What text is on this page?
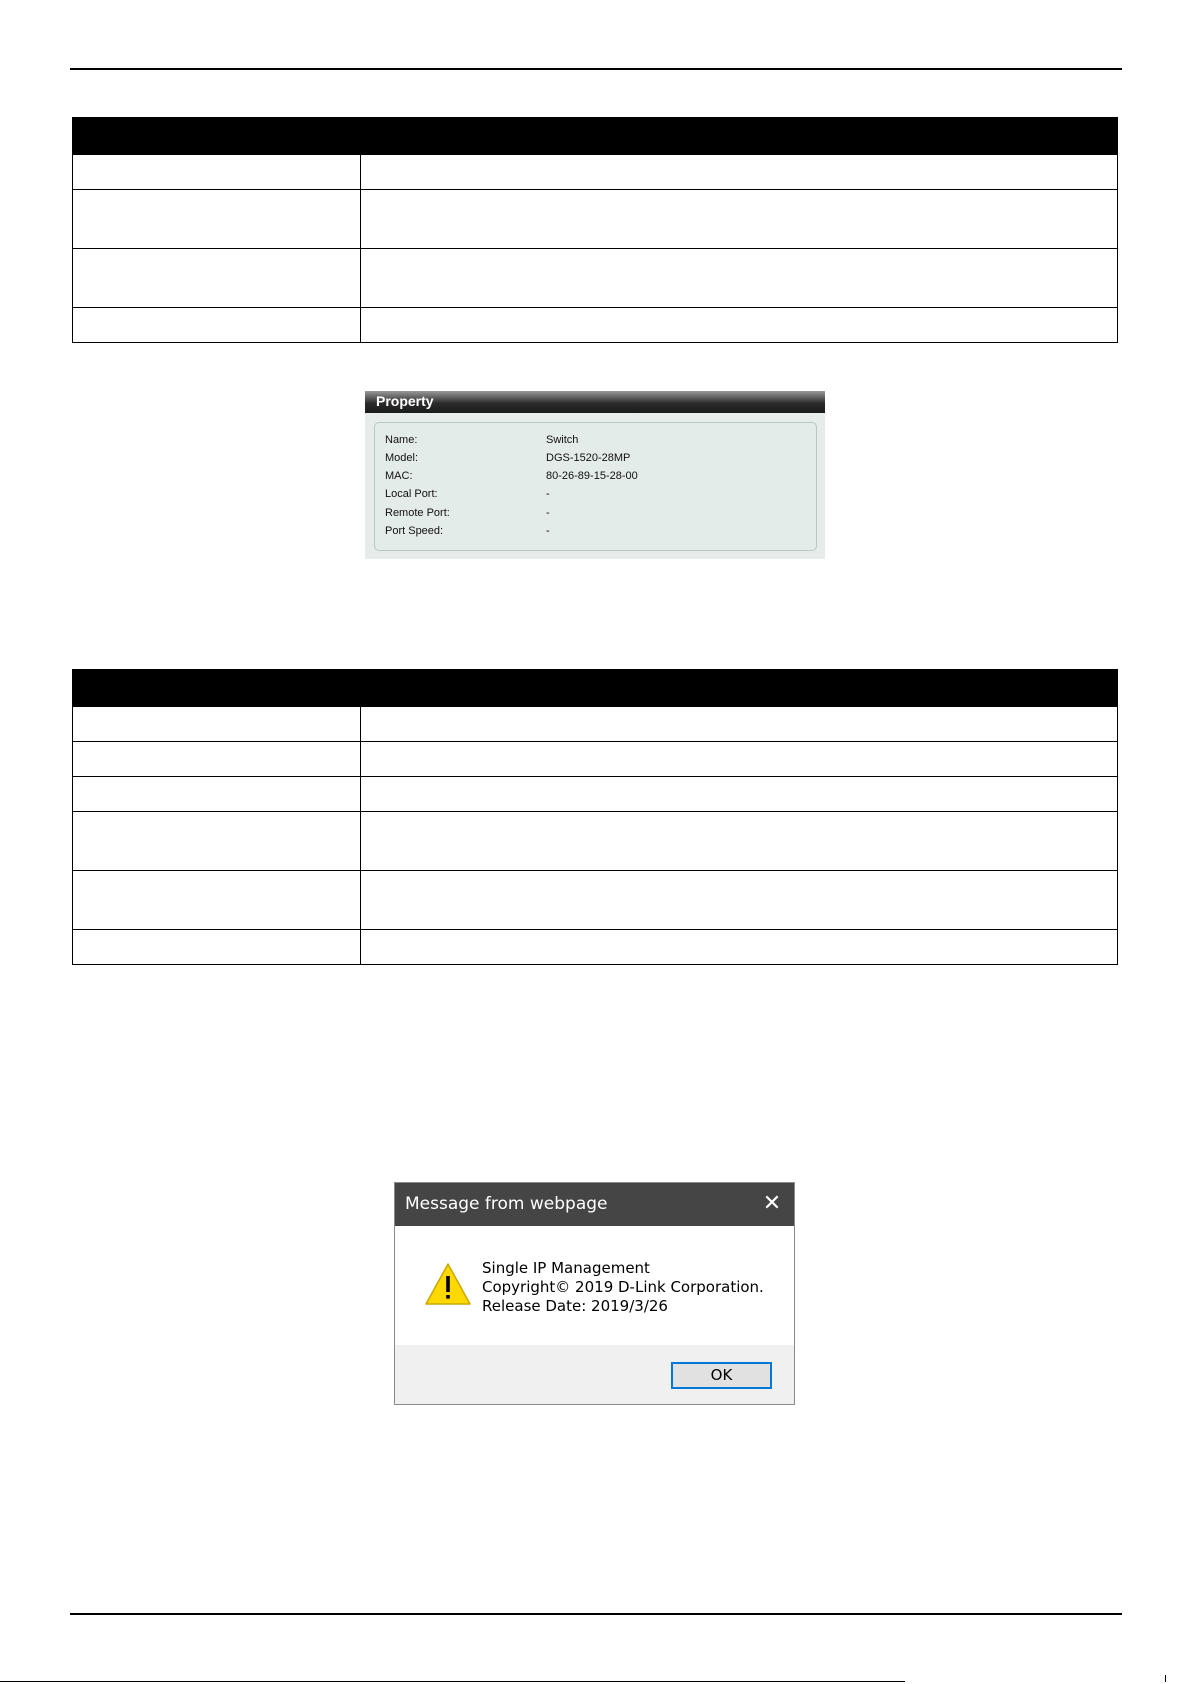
Property
Name:	Switch
Model:	DGS-1520-28MP
MAC:	80-26-89-15-28-00
Local Port:	-
Remote Port:	-
Port Speed:	-

Message from webpage	✕
Single IP Management
Copyright© 2019 D-Link Corporation.
Release Date: 2019/3/26
OK
